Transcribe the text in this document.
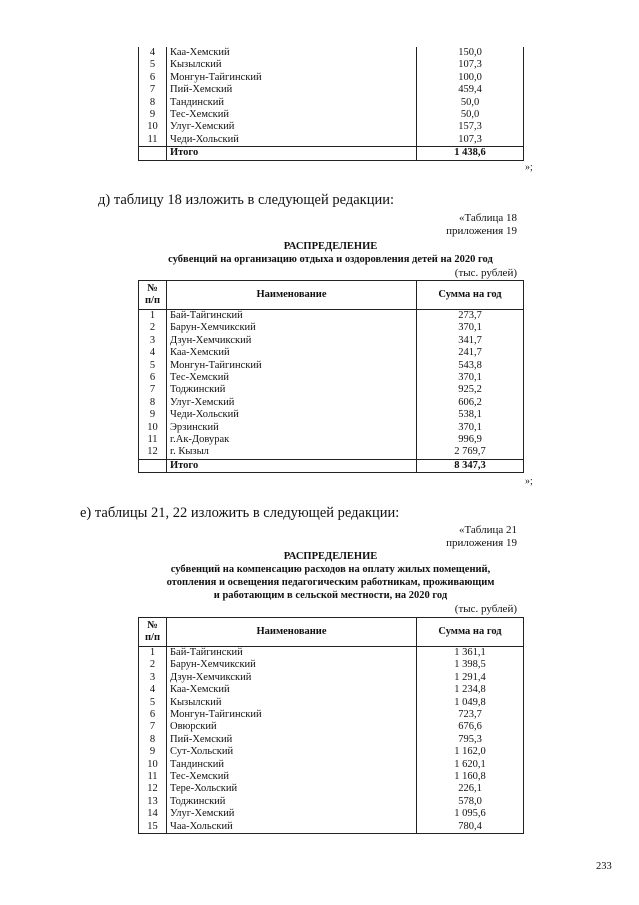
4	Каа-Хемский	150,0
5	Кызылский	107,3
6	Монгун-Тайгинский	100,0
7	Пий-Хемский	459,4
8	Тандинский	50,0
9	Тес-Хемский	50,0
10	Улуг-Хемский	157,3
11	Чеди-Хольский	107,3
	Итого	1 438,6
»;
д) таблицу 18 изложить в следующей редакции:
«Таблица 18
приложения 19
РАСПРЕДЕЛЕНИЕ
субвенций на организацию отдыха и оздоровления детей на 2020 год
(тыс. рублей)
№
п/п	Наименование	Сумма на год
1	Бай-Тайгинский	273,7
2	Барун-Хемчикский	370,1
3	Дзун-Хемчикский	341,7
4	Каа-Хемский	241,7
5	Монгун-Тайгинский	543,8
6	Тес-Хемский	370,1
7	Тоджинский	925,2
8	Улуг-Хемский	606,2
9	Чеди-Хольский	538,1
10	Эрзинский	370,1
11	г.Ак-Довурак	996,9
12	г. Кызыл	2 769,7
	Итого	8 347,3
»;
е) таблицы 21, 22 изложить в следующей редакции:
«Таблица 21
приложения 19
РАСПРЕДЕЛЕНИЕ
субвенций на компенсацию расходов на оплату жилых помещений,
отопления и освещения педагогическим работникам, проживающим
и работающим в сельской местности, на 2020 год
(тыс. рублей)
№
п/п	Наименование	Сумма на год
1	Бай-Тайгинский	1 361,1
2	Барун-Хемчикский	1 398,5
3	Дзун-Хемчикский	1 291,4
4	Каа-Хемский	1 234,8
5	Кызылский	1 049,8
6	Монгун-Тайгинский	723,7
7	Овюрский	676,6
8	Пий-Хемский	795,3
9	Сут-Хольский	1 162,0
10	Тандинский	1 620,1
11	Тес-Хемский	1 160,8
12	Тере-Хольский	226,1
13	Тоджинский	578,0
14	Улуг-Хемский	1 095,6
15	Чаа-Хольский	780,4
233
